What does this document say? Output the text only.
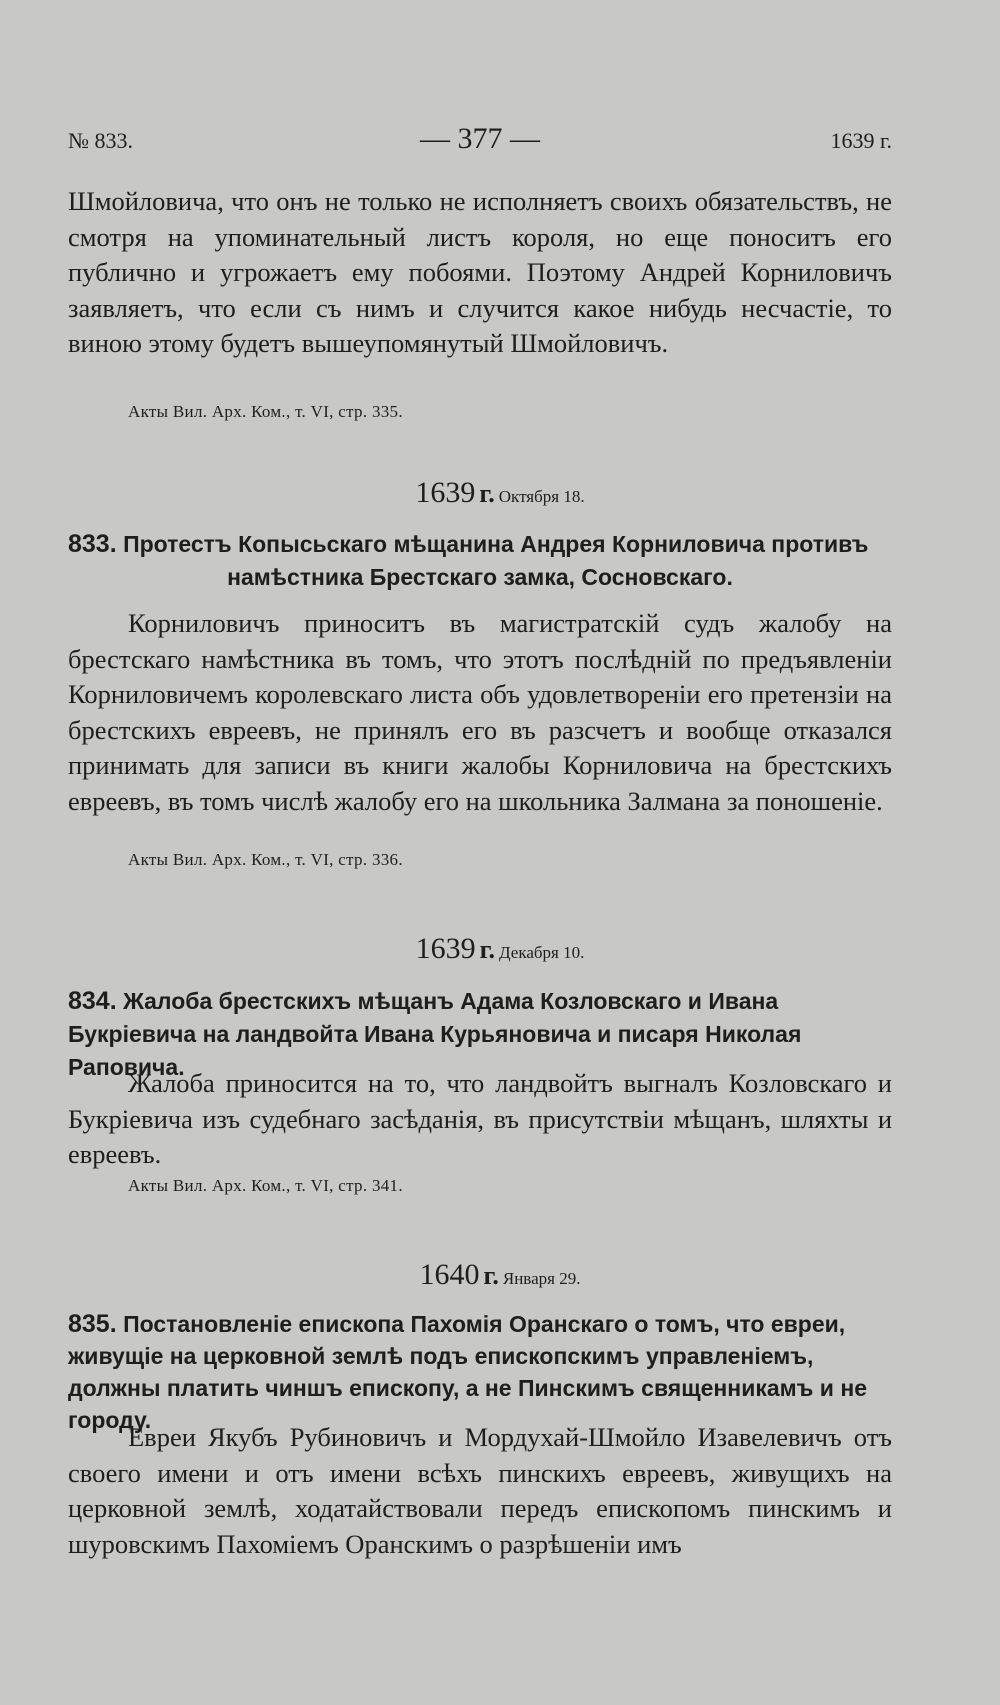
№ 833.	— 377 —	1639 г.

Шмойловича, что онъ не только не исполняетъ своихъ обязательствъ, не смотря на упоминательный листъ короля, но еще поноситъ его публично и угрожаетъ ему побоями. Поэтому Андрей Корниловичъ заявляетъ, что если съ нимъ и случится какое нибудь несчастіе, то виною этому будетъ вышеупомянутый Шмойловичъ.

Акты Вил. Арх. Ком., т. VI, стр. 335.

1639 г. Октября 18.

833. Протестъ Копысьскаго мѣщанина Андрея Корниловича противъ
намѣстника Брестскаго замка, Сосновскаго.

Корниловичъ приноситъ въ магистратскій судъ жалобу на брестскаго намѣстника въ томъ, что этотъ послѣдній по предъявленіи Корниловичемъ королевскаго листа объ удовлетвореніи его претензіи на брестскихъ евреевъ, не принялъ его въ разсчетъ и вообще отказался принимать для записи въ книги жалобы Корниловича на брестскихъ евреевъ, въ томъ числѣ жалобу его на школьника Залмана за поношеніе.

Акты Вил. Арх. Ком., т. VI, стр. 336.

1639 г. Декабря 10.

834. Жалоба брестскихъ мѣщанъ Адама Козловскаго и Ивана Букріевича на ландвойта Ивана Курьяновича и писаря Николая Раповича.

Жалоба приносится на то, что ландвойтъ выгналъ Козловскаго и Букріевича изъ судебнаго засѣданія, въ присутствіи мѣщанъ, шляхты и евреевъ.

Акты Вил. Арх. Ком., т. VI, стр. 341.

1640 г. Января 29.

835. Постановленіе епископа Пахомія Оранскаго о томъ, что евреи, живущіе на церковной землѣ подъ епископскимъ управленіемъ, должны платить чиншъ епископу, а не Пинскимъ священникамъ и не городу.

Евреи Якубъ Рубиновичъ и Мордухай-Шмойло Изавелевичъ отъ своего имени и отъ имени всѣхъ пинскихъ евреевъ, живущихъ на церковной землѣ, ходатайствовали передъ епископомъ пинскимъ и шуровскимъ Пахоміемъ Оранскимъ о разрѣшеніи имъ
